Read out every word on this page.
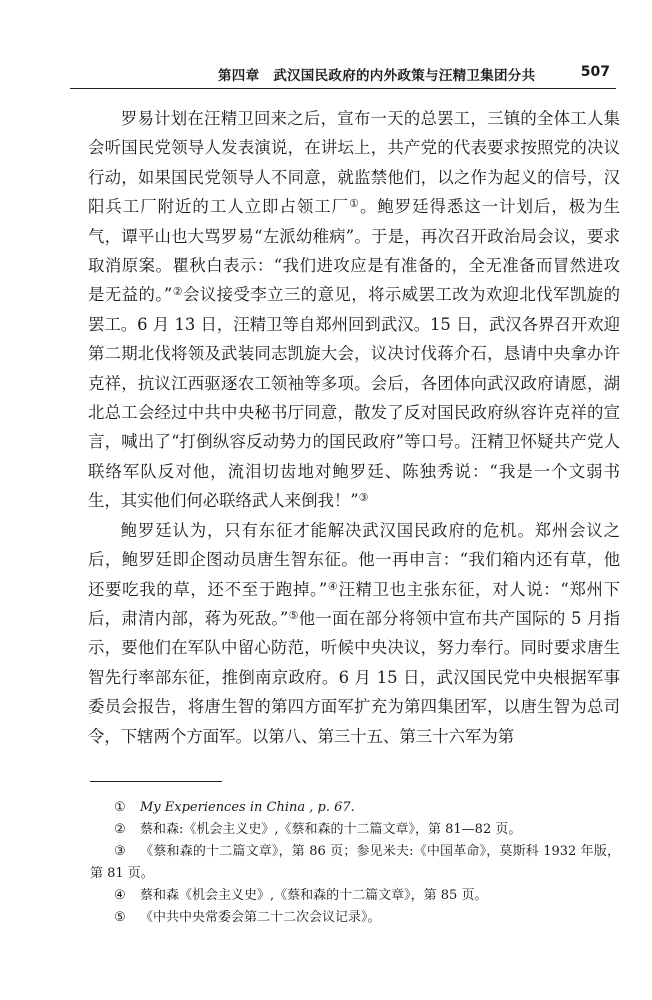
第四章　武汉国民政府的内外政策与汪精卫集团分共	507

罗易计划在汪精卫回来之后，宣布一天的总罢工，三镇的全体工人集会听国民党领导人发表演说，在讲坛上，共产党的代表要求按照党的决议行动，如果国民党领导人不同意，就监禁他们，以之作为起义的信号，汉阳兵工厂附近的工人立即占领工厂①。鲍罗廷得悉这一计划后，极为生气，谭平山也大骂罗易“左派幼稚病”。于是，再次召开政治局会议，要求取消原案。瞿秋白表示：“我们进攻应是有准备的，全无准备而冒然进攻是无益的。”②会议接受李立三的意见，将示威罢工改为欢迎北伐军凯旋的罢工。6 月 13 日，汪精卫等自郑州回到武汉。15 日，武汉各界召开欢迎第二期北伐将领及武装同志凯旋大会，议决讨伐蒋介石，恳请中央拿办许克祥，抗议江西驱逐农工领袖等多项。会后，各团体向武汉政府请愿，湖北总工会经过中共中央秘书厅同意，散发了反对国民政府纵容许克祥的宣言，喊出了“打倒纵容反动势力的国民政府”等口号。汪精卫怀疑共产党人联络军队反对他，流泪切齿地对鲍罗廷、陈独秀说：“我是一个文弱书生，其实他们何必联络武人来倒我！”③

鲍罗廷认为，只有东征才能解决武汉国民政府的危机。郑州会议之后，鲍罗廷即企图动员唐生智东征。他一再申言：“我们箱内还有草，他还要吃我的草，还不至于跑掉。”④汪精卫也主张东征，对人说：“郑州下后，肃清内部，蒋为死敌。”⑤他一面在部分将领中宣布共产国际的 5 月指示，要他们在军队中留心防范，听候中央决议，努力奉行。同时要求唐生智先行率部东征，推倒南京政府。6 月 15 日，武汉国民党中央根据军事委员会报告，将唐生智的第四方面军扩充为第四集团军，以唐生智为总司令，下辖两个方面军。以第八、第三十五、第三十六军为第

① My Experiences in China , p. 67.
② 蔡和森:《机会主义史》,《蔡和森的十二篇文章》，第 81—82 页。
③ 《蔡和森的十二篇文章》，第 86 页；参见米夫:《中国革命》，莫斯科 1932 年版，第 81 页。
④ 蔡和森《机会主义史》,《蔡和森的十二篇文章》，第 85 页。
⑤ 《中共中央常委会第二十二次会议记录》。
